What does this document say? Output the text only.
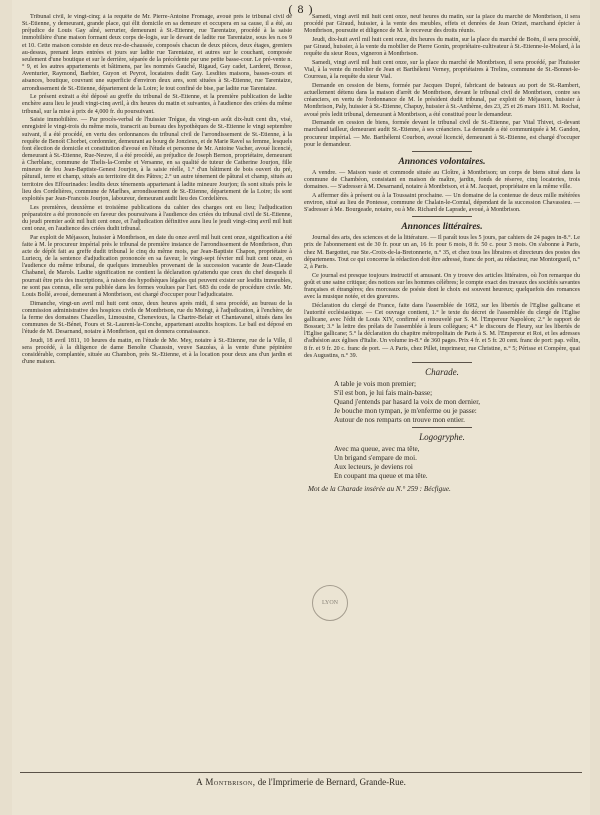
( 8 )

Tribunal civil, le vingt-cinq; à la requête de Mr. Pierre-Antoine Fromage, avoué près le tribunal civil de St.-Etienne, y demeurant, grande place, qui élit domicile en sa demeure et occupera en sa cause, il a été, au préjudice de Louis Gay aîné, serrurier, demeurant à St.-Etienne, rue Tarentaize, procédé à la saisie immobilière d'une maison formant deux corps de-logis, sur le devant de ladite rue Tarentaize, sous les n.os 9 et 10. Cette maison consiste en deux rez-de-chaussée, composés chacun de deux pièces, deux étages, greniers au-dessus, prenant leurs entrées et jours sur ladite rue Tarentaize, et autres sur le couchant, composée seulement d'une boutique et sur le derrière, séparée de la précédente par une petite basse-cour. Le pré-vente n.° 9, et les autres appartements et bâtimens, par les nommés Gauché, Rigaud, Gay cadet, Larderet, Brosse, Aventurier, Raymond, Barbier, Guyon et Peyrot, locataires dudit Gay. Lesdites maisons, basses-cours et aisances, boutique, couvrant une superficie d'environ deux ares, sont situées à St.-Etienne, rue Tarentaize, arrondissement de St.-Etienne, département de la Loire; le tout confiné de bise, par ladite rue Tarentaize.

Le présent extrait a été déposé au greffe du tribunal de St.-Etienne, et la première publication de ladite enchère aura lieu le jeudi vingt-cinq avril, à dix heures du matin et suivantes, à l'audience des criées du même tribunal, sur la mise à prix de 4,000 fr. du poursuivant.

Saisie immobilière. — Par procès-verbal de l'huissier Trégue, du vingt-un août dix-huit cent dix, visé, enregistré le vingt-trois du même mois, transcrit au bureau des hypothèques de St.-Etienne le vingt septembre suivant, il a été procédé, en vertu des ordonnances du tribunal civil de l'arrondissement de St.-Etienne, à la requête de Benoît Chorbet, cordonnier, demeurant au bourg de Jonzieux, et de Marie Ravel sa femme, lesquels font élection de domicile et constitution d'avoué en l'étude et personne de Mr. Antoine Vacher, avoué licencié, demeurant à St.-Etienne, Rue-Neuve, il a été procédé, au préjudice de Joseph Bernon, propriétaire, demeurant à Cherblanc, commune de Thelis-la-Combe et Versanne, en sa qualité de tuteur de Catherine Jourjon, fille mineure de feu Jean-Baptiste-Genest Jourjon, à la saisie réelle, 1.° d'un bâtiment de bois ouvert du pré, pâturail, terre et champ, situés au territoire dit des Pâtres; 2.° un autre ténement de pâtural et champ, situés au territoire des Effourinades: lesdits deux ténements appartenant à ladite mineure Jourjon; ils sont situés près le lieu des Cordelières, commune de Marlhes, arrondissement de St.-Etienne, département de la Loire; ils sont exploités par Jean-Francois Jourjon, laboureur, demeurant audit lieu des Cordelières.

Les premières, deuxième et troisième publications du cahier des charges ont eu lieu; l'adjudication préparatoire a été prononcée en faveur des poursuivans à l'audience des criées du tribunal civil de St.-Etienne, du jeudi premier août mil huit cent onze, et l'adjudication définitive aura lieu le jeudi vingt-cinq avril mil huit cent onze, en l'audience des criées dudit tribunal.

Par exploit de Méjasson, huissier à Montbrison, en date du onze avril mil huit cent onze, signification a été faite à M. le procureur impérial près le tribunal de première instance de l'arrondissement de Montbrison, d'un acte de dépôt fait au greffe dudit tribunal le cinq du même mois, par Jean-Baptiste Chapon, propriétaire à Luriecq, de la sentence d'adjudication prononcée en sa faveur, le vingt-sept février mil huit cent onze, en l'audience du même tribunal, de quelques immeubles provenant de la succession vacante de Jean-Claude Chabanel, de Marols. Ladite signification ne contient la déclaration qu'attendu que ceux du chef desquels il pourrait être pris des inscriptions, à raison des hypothèques légales qui peuvent exister sur lesdits immeubles, ne sont pas connus, elle sera publiée dans les formes voulues par l'art. 683 du code de procédure civile. Mr. Louis Bollé, avoué, demeurant à Montbrison, est chargé d'occuper pour l'adjudicataire.

Dimanche, vingt-un avril mil huit cent onze, deux heures après midi, il sera procédé, au bureau de la commission administrative des hospices civils de Montbrison, rue du Moingt, à l'adjudication, à l'enchère, de la ferme des domaines Chazelles, Limousine, Chenevioux, la Chartre-Belair et Chantavanel, situés dans les communes de St.-Bénet, Fours et St.-Laurent-la-Conche, appartenant auxdits hospices. Le bail est déposé en l'étude de M. Desarnand, notaire à Montbrison, qui en donnera connaissance.

Jeudi, 18 avril 1811, 10 heures du matin, en l'étude de Me. Mey, notaire à St.-Etienne, rue de la Ville, il sera procédé, à la diligence de dame Benoîte Chaussin, veuve Sauzéas, à la vente d'une pépinière considérable, complantée, située au Chambon, près St.-Etienne, et à la location pour deux ans d'un jardin et d'une maison.

Samedi, vingt avril mil huit cent onze, neuf heures du matin, sur la place du marché de Montbrison, il sera procédé par Giraud, huissier, à la vente des meubles, effets et denrées de Jean Orizet, marchand épicier à Montbrison, poursuite et diligence de M. le receveur des droits réunis.

Jeudi, dix-huit avril mil huit cent onze, dix heures du matin, sur la place du marché de Boën, il sera procédé, par Giraud, huissier, à la vente du mobilier de Pierre Gonin, propriétaire-cultivateur à St.-Etienne-le-Molard, à la requête du sieur Roux, vigneron à Montbrison.

Samedi, vingt avril mil huit cent onze, sur la place du marché de Montbrison, il sera procédé, par l'huissier Vial, à la vente du mobilier de Jean et Barthélemi Verney, propriétaires à Trelins, commune de St.-Bonnet-le-Courreau, à la requête du sieur Vial.

Demande en cession de biens, formée par Jacques Dupré, fabricant de bateaux au port de St.-Rambert, actuellement détenu dans la maison d'arrêt de Montbrison, devant le tribunal civil de Montbrison, contre ses créanciers, en vertu de l'ordonnance de M. le président dudit tribunal, par exploit de Méjasson, huissier à Montbrison, Paly, huissier à St.-Etienne, Chapuy, huissier à St.-Anthème, des 23, 25 et 26 mars 1811. M. Rochat, avoué près ledit tribunal, demeurant à Montbrison, a été constitué pour le demandeur.

Demande en cession de biens, formée devant le tribunal civil de St.-Etienne, par Vital Thivet, ci-devant marchand tailleur, demeurant audit St.-Etienne, à ses créanciers. La demande a été communiquée à M. Gandon, procureur impérial. — Me. Barthélemi Courbon, avoué licencié, demeurant à St.-Etienne, est chargé d'occuper pour le demandeur.

Annonces volontaires.

A vendre. — Maison vaste et commode située au Cloître, à Montbrison; un corps de biens situé dans la commune de Chambéon, consistant en maison de maître, jardin, fonds de réserve, cinq locateries, trois domaines. — S'adresser à M. Desarnand, notaire à Montbrison, et à M. Jacquet, propriétaire en la même ville.

A affermer dès à présent ou à la Toussaint prochaine. — Un domaine de la contenue de deux mille métérées environ, situé au lieu de Pontesse, commune de Chalain-le-Comtal, dépendant de la succession Chavassieu. — S'adresser à Me. Bourgeade, notaire, ou à Me. Richard de Laprade, avoué, à Montbrison.

Annonces littéraires.

Journal des arts, des sciences et de la littérature. — Il paraît tous les 5 jours, par cahiers de 24 pages in-8.°. Le prix de l'abonnement est de 30 fr. pour un an, 16 fr. pour 6 mois, 8 fr. 50 c. pour 3 mois. On s'abonne à Paris, chez M. Bargottet, rue Ste.-Croix-de-la-Bretonnerie, n.° 35, et chez tous les libraires et directeurs des postes des départemens. Tout ce qui concerne la rédaction doit être adressé, franc de port, au rédacteur, rue Montorgueil, n.° 2, à Paris.

Ce journal est presque toujours instructif et amusant. On y trouve des articles littéraires, où l'on remarque du goût et une saine critique; des notices sur les hommes célèbres; le compte exact des travaux des sociétés savantes françaises et étrangères; des morceaux de poésie dont le choix est souvent heureux; quelquefois des romances avec la musique notée, et des gravures.

Déclaration du clergé de France, faite dans l'assemblée de 1682, sur les libertés de l'Eglise gallicane et l'autorité ecclésiastique. — Cet ouvrage contient, 1.° le texte du décret de l'assemblée du clergé de l'Eglise gallicane, avec l'édit de Louis XIV, confirmé et renouvelé par S. M. l'Empereur Napoléon; 2.° le rapport de Bossuet; 3.° la lettre des prélats de l'assemblée à leurs collègues; 4.° le discours de Fleury, sur les libertés de l'Eglise gallicane; 5.° la déclaration du chapitre métropolitain de Paris à S. M. l'Empereur et Roi, et les adresses d'adhésion aux églises d'Italie. Un volume in-8.° de 360 pages. Prix 4 fr. et 5 fr. 20 cent. franc de port: pap. vélin, 8 fr. et 9 fr. 20 c. franc de port. — A Paris, chez Pillet, imprimeur, rue Christine, n.° 5; Périsse et Compère, quai des Augustins, n.° 39.

Charade.
A table je vois mon premier;
S'il est bon, je lui fais main-basse;
Quand j'entends par hasard la voix de mon dernier,
Je bouche mon tympan, je m'enferme ou je passe:
Autour de nos remparts on trouve mon entier.
Logogryphe.
Avec ma queue, avec ma tête,
Un brigand s'empare de moi.
Aux lecteurs, je deviens roi
En coupant ma queue et ma tête.
Mot de la Charade insérée au N.° 259 : Bécfigue.
LYON
A Montbrison, de l'Imprimerie de Bernard, Grande-Rue.
